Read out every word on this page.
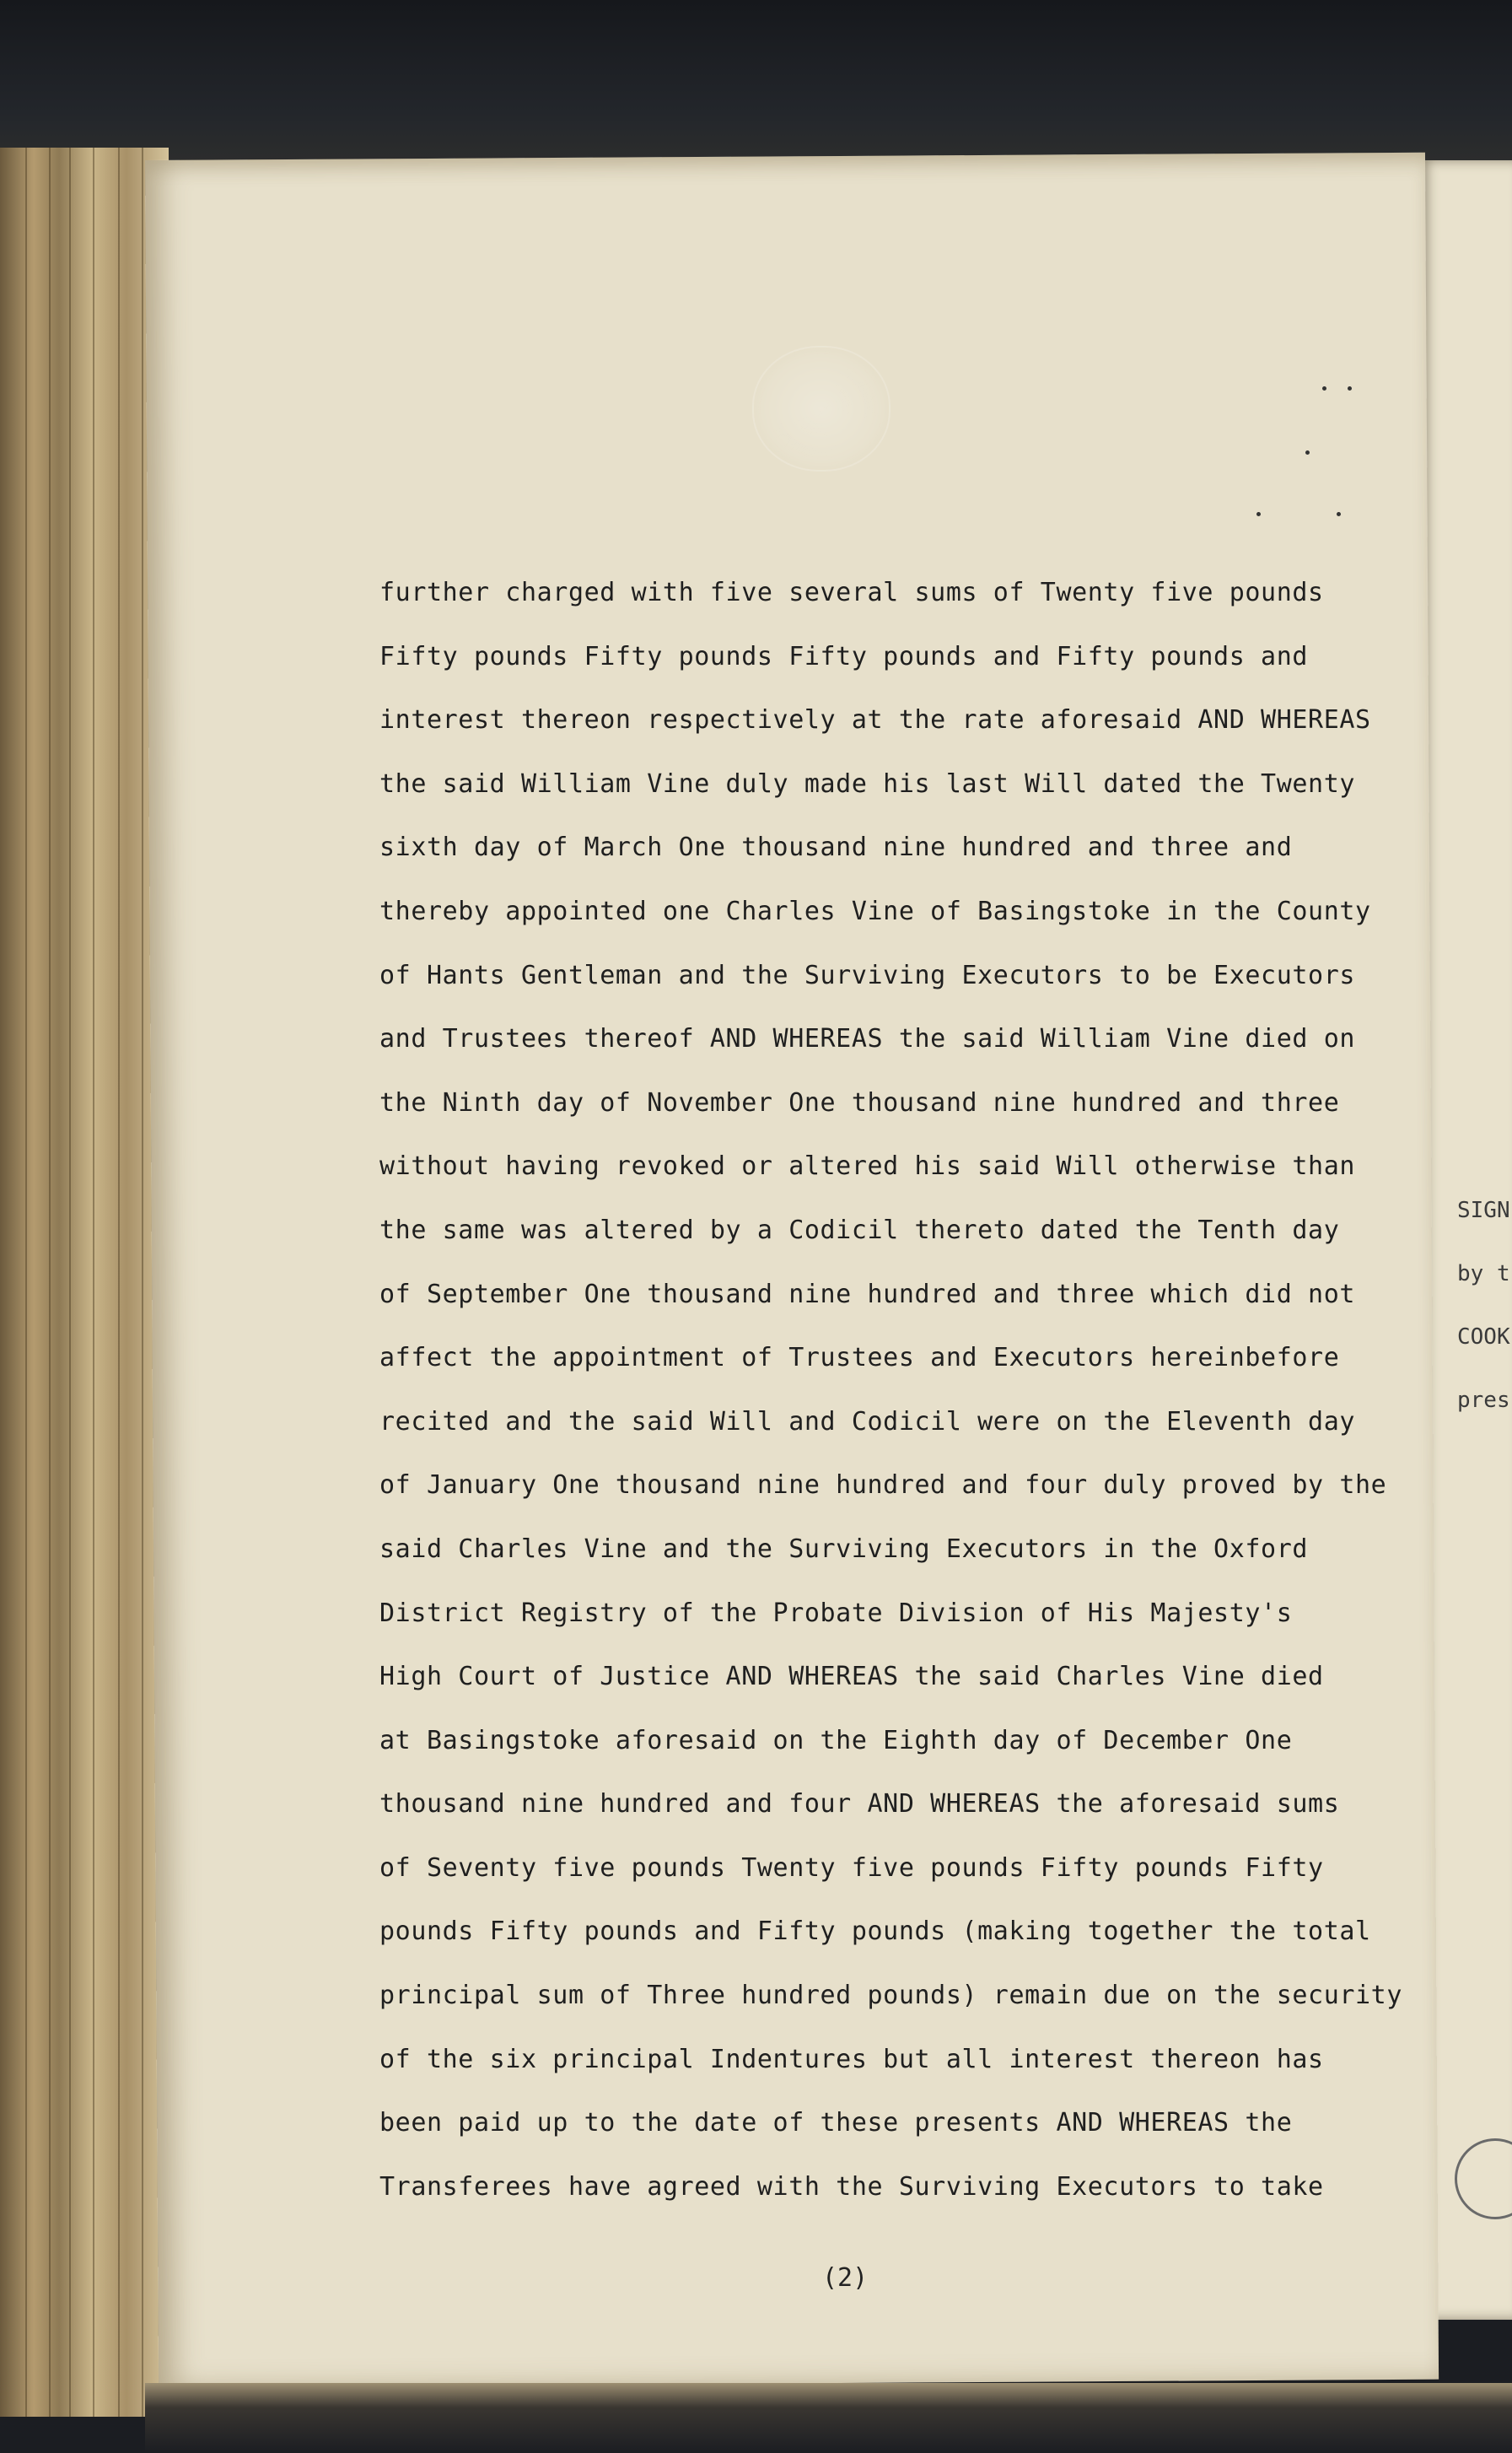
SIGN
by t
COOK
pres
further charged with five several sums of Twenty five pounds
Fifty pounds Fifty pounds Fifty pounds and Fifty pounds and
interest thereon respectively at the rate aforesaid AND WHEREAS
the said William Vine duly made his last Will dated the Twenty
sixth day of March One thousand nine hundred and three and
thereby appointed one Charles Vine of Basingstoke in the County
of Hants Gentleman and the Surviving Executors to be Executors
and Trustees thereof AND WHEREAS the said William Vine died on
the Ninth day of November One thousand nine hundred and three
without having revoked or altered his said Will otherwise than
the same was altered by a Codicil thereto dated the Tenth day
of September One thousand nine hundred and three which did not
affect the appointment of Trustees and Executors hereinbefore
recited and the said Will and Codicil were on the Eleventh day
of January One thousand nine hundred and four duly proved by the
said Charles Vine and the Surviving Executors in the Oxford
District Registry of the Probate Division of His Majesty's
High Court of Justice AND WHEREAS the said Charles Vine died
at Basingstoke aforesaid on the Eighth day of December One
thousand nine hundred and four AND WHEREAS the aforesaid sums
of Seventy five pounds Twenty five pounds Fifty pounds Fifty
pounds Fifty pounds and Fifty pounds (making together the total
principal sum of Three hundred pounds) remain due on the security
of the six principal Indentures but all interest thereon has
been paid up to the date of these presents AND WHEREAS the
Transferees have agreed with the Surviving Executors to take
(2)
